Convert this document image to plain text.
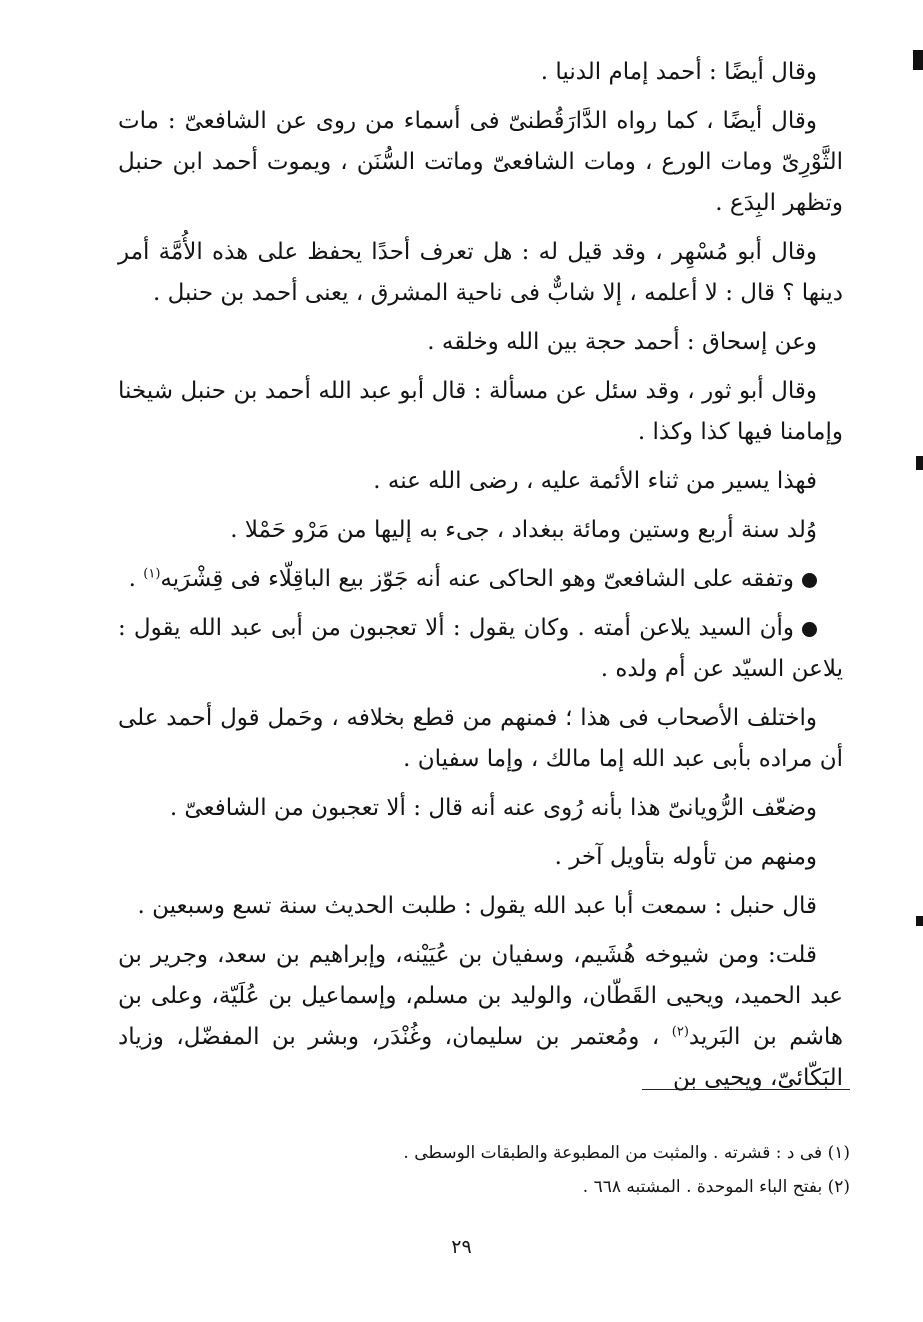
وقال أيضًا : أحمد إمام الدنيا .

وقال أيضًا ، كما رواه الدَّارَقُطنىّ فى أسماء من روى عن الشافعىّ : مات الثَّوْرِىّ ومات الورع ، ومات الشافعىّ وماتت السُّنَن ، ويموت أحمد ابن حنبل وتظهر البِدَع .

وقال أبو مُسْهِر ، وقد قيل له : هل تعرف أحدًا يحفظ على هذه الأُمَّة أمر دينها ؟ قال : لا أعلمه ، إلا شابٌّ فى ناحية المشرق ، يعنى أحمد بن حنبل .

وعن إسحاق : أحمد حجة بين الله وخلقه .

وقال أبو ثور ، وقد سئل عن مسألة : قال أبو عبد الله أحمد بن حنبل شيخنا وإمامنا فيها كذا وكذا .

فهذا يسير من ثناء الأئمة عليه ، رضى الله عنه .

وُلد سنة أربع وستين ومائة ببغداد ، جىء به إليها من مَرْو حَمْلا .

وتفقه على الشافعىّ وهو الحاكى عنه أنه جَوّز بيع الباقِلّاء فى قِشْرَيه$^{(١)}$ .

وأن السيد يلاعن أمته . وكان يقول : ألا تعجبون من أبى عبد الله يقول : يلاعن السيّد عن أم ولده .

واختلف الأصحاب فى هذا ؛ فمنهم من قطع بخلافه ، وحَمل قول أحمد على أن مراده بأبى عبد الله إما مالك ، وإما سفيان .

وضعّف الرُّويانىّ هذا بأنه رُوى عنه أنه قال : ألا تعجبون من الشافعىّ .

ومنهم من تأوله بتأويل آخر .

قال حنبل : سمعت أبا عبد الله يقول : طلبت الحديث سنة تسع وسبعين .

قلت: ومن شيوخه هُشَيم، وسفيان بن عُيَيْنه، وإبراهيم بن سعد، وجرير بن عبد الحميد، ويحيى القَطّان، والوليد بن مسلم، وإسماعيل بن عُلَيّة، وعلى بن هاشم بن البَريد$^{(٢)}$ ، ومُعتمر بن سليمان، وغُنْدَر، وبشر بن المفضّل، وزياد البَكّائىّ، ويحيى بن

(١) فى د : قشرته . والمثبت من المطبوعة والطبقات الوسطى .

(٢) بفتح الباء الموحدة . المشتبه ٦٦٨ .

٢٩
